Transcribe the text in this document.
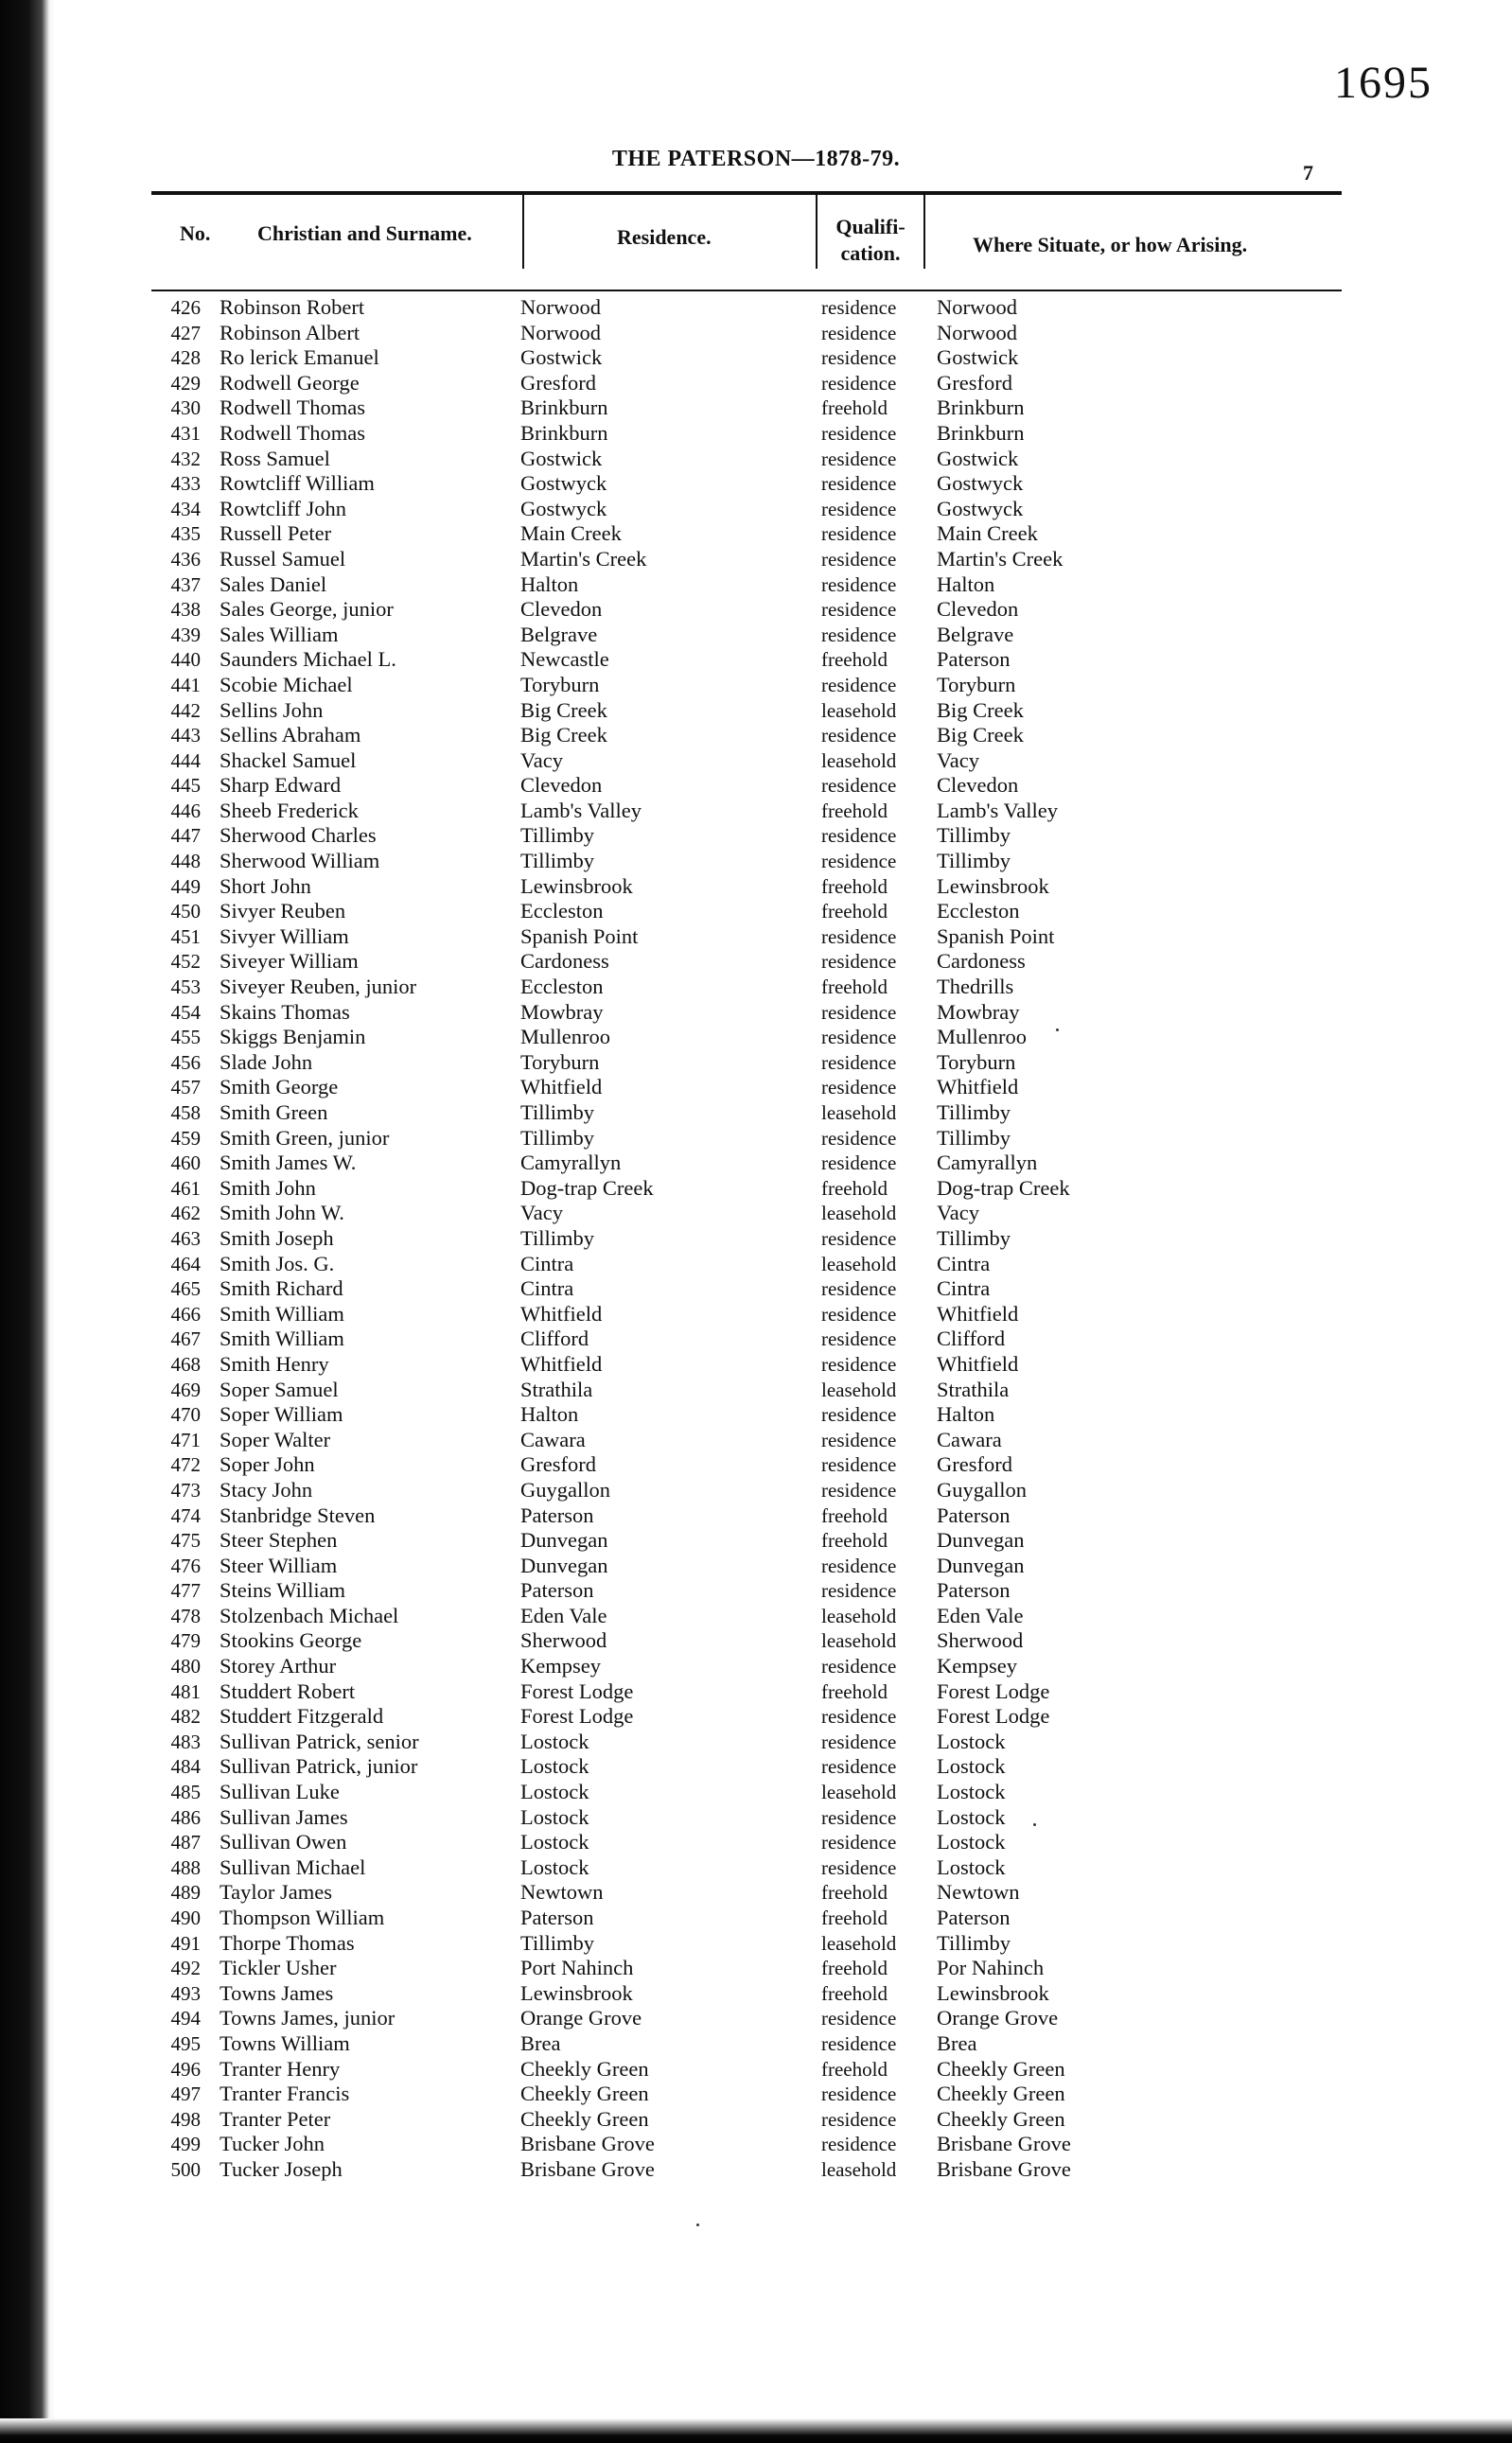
1695
THE PATERSON—1878-79.
7
No. Christian and Surname.	Residence.	Qualifi-
cation.	Where Situate, or how Arising.
426 Robinson Robert	Norwood	residence Norwood
427 Robinson Albert	Norwood	residence Norwood
428 Ro lerick Emanuel	Gostwick	residence Gostwick
429 Rodwell George	Gresford	residence Gresford
430 Rodwell Thomas	Brinkburn	freehold Brinkburn
431 Rodwell Thomas	Brinkburn	residence Brinkburn
432 Ross Samuel	Gostwick	residence Gostwick
433 Rowtcliff William	Gostwyck	residence Gostwyck
434 Rowtcliff John	Gostwyck	residence Gostwyck
435 Russell Peter	Main Creek	residence Main Creek
436 Russel Samuel	Martin's Creek	residence Martin's Creek
437 Sales Daniel	Halton	residence Halton
438 Sales George, junior	Clevedon	residence Clevedon
439 Sales William	Belgrave	residence Belgrave
440 Saunders Michael L.	Newcastle	freehold Paterson
441 Scobie Michael	Toryburn	residence Toryburn
442 Sellins John	Big Creek	leasehold Big Creek
443 Sellins Abraham	Big Creek	residence Big Creek
444 Shackel Samuel	Vacy	leasehold Vacy
445 Sharp Edward	Clevedon	residence Clevedon
446 Sheeb Frederick	Lamb's Valley	freehold Lamb's Valley
447 Sherwood Charles	Tillimby	residence Tillimby
448 Sherwood William	Tillimby	residence Tillimby
449 Short John	Lewinsbrook	freehold Lewinsbrook
450 Sivyer Reuben	Eccleston	freehold Eccleston
451 Sivyer William	Spanish Point	residence Spanish Point
452 Siveyer William	Cardoness	residence Cardoness
453 Siveyer Reuben, junior	Eccleston	freehold Thedrills
454 Skains Thomas	Mowbray	residence Mowbray
455 Skiggs Benjamin	Mullenroo	residence Mullenroo
456 Slade John	Toryburn	residence Toryburn
457 Smith George	Whitfield	residence Whitfield
458 Smith Green	Tillimby	leasehold Tillimby
459 Smith Green, junior	Tillimby	residence Tillimby
460 Smith James W.	Camyrallyn	residence Camyrallyn
461 Smith John	Dog-trap Creek	freehold Dog-trap Creek
462 Smith John W.	Vacy	leasehold Vacy
463 Smith Joseph	Tillimby	residence Tillimby
464 Smith Jos. G.	Cintra	leasehold Cintra
465 Smith Richard	Cintra	residence Cintra
466 Smith William	Whitfield	residence Whitfield
467 Smith William	Clifford	residence Clifford
468 Smith Henry	Whitfield	residence Whitfield
469 Soper Samuel	Strathila	leasehold Strathila
470 Soper William	Halton	residence Halton
471 Soper Walter	Cawara	residence Cawara
472 Soper John	Gresford	residence Gresford
473 Stacy John	Guygallon	residence Guygallon
474 Stanbridge Steven	Paterson	freehold Paterson
475 Steer Stephen	Dunvegan	freehold Dunvegan
476 Steer William	Dunvegan	residence Dunvegan
477 Steins William	Paterson	residence Paterson
478 Stolzenbach Michael	Eden Vale	leasehold Eden Vale
479 Stookins George	Sherwood	leasehold Sherwood
480 Storey Arthur	Kempsey	residence Kempsey
481 Studdert Robert	Forest Lodge	freehold Forest Lodge
482 Studdert Fitzgerald	Forest Lodge	residence Forest Lodge
483 Sullivan Patrick, senior	Lostock	residence Lostock
484 Sullivan Patrick, junior	Lostock	residence Lostock
485 Sullivan Luke	Lostock	leasehold Lostock
486 Sullivan James	Lostock	residence Lostock
487 Sullivan Owen	Lostock	residence Lostock
488 Sullivan Michael	Lostock	residence Lostock
489 Taylor James	Newtown	freehold Newtown
490 Thompson William	Paterson	freehold Paterson
491 Thorpe Thomas	Tillimby	leasehold Tillimby
492 Tickler Usher	Port Nahinch	freehold Por Nahinch
493 Towns James	Lewinsbrook	freehold Lewinsbrook
494 Towns James, junior	Orange Grove	residence Orange Grove
495 Towns William	Brea	residence Brea
496 Tranter Henry	Cheekly Green	freehold Cheekly Green
497 Tranter Francis	Cheekly Green	residence Cheekly Green
498 Tranter Peter	Cheekly Green	residence Cheekly Green
499 Tucker John	Brisbane Grove	residence Brisbane Grove
500 Tucker Joseph	Brisbane Grove	leasehold Brisbane Grove
